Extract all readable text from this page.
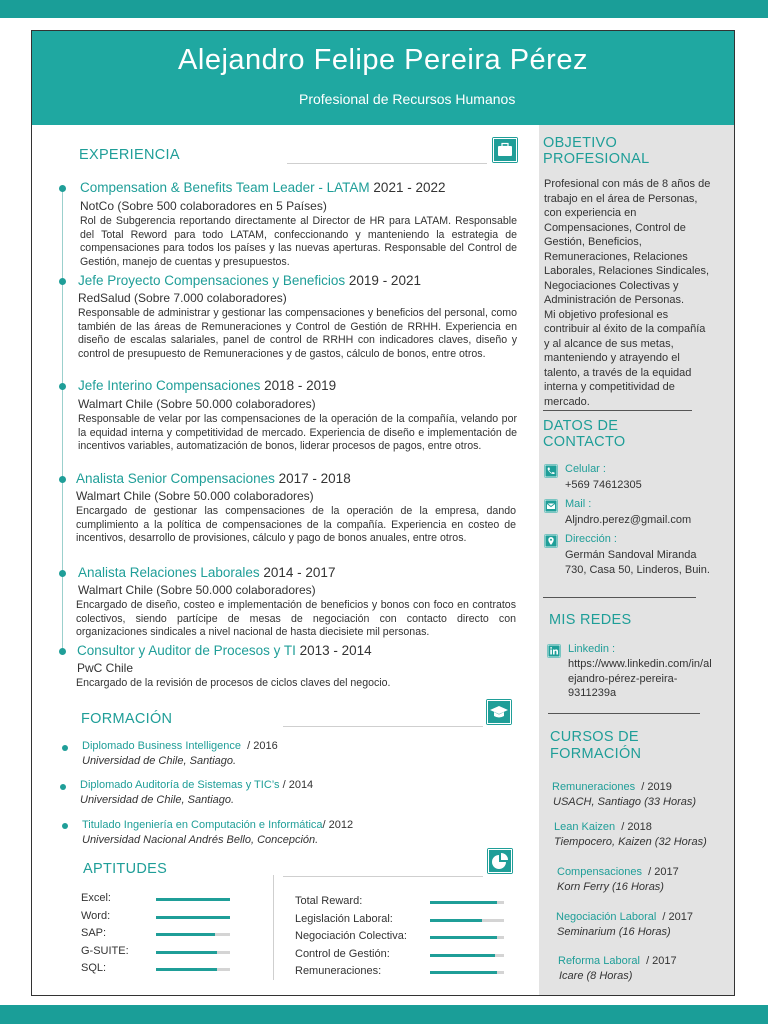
Alejandro Felipe Pereira Pérez
Profesional de Recursos Humanos
EXPERIENCIA
Compensation & Benefits Team Leader - LATAM 2021 - 2022
NotCo (Sobre 500 colaboradores en 5 Países)
Rol de Subgerencia reportando directamente al Director de HR para LATAM. Responsable del Total Reword para todo LATAM, confeccionando y manteniendo la estrategia de compensaciones para todos los países y las nuevas aperturas. Responsable del Control de Gestión, manejo de cuentas y presupuestos.
Jefe Proyecto Compensaciones y Beneficios 2019 - 2021
RedSalud (Sobre 7.000 colaboradores)
Responsable de administrar y gestionar las compensaciones y beneficios del personal, como también de las áreas de Remuneraciones y Control de Gestión de RRHH. Experiencia en diseño de escalas salariales, panel de control de RRHH con indicadores claves, diseño y control de presupuesto de Remuneraciones y de gastos, cálculo de bonos, entre otros.
Jefe Interino Compensaciones 2018 - 2019
Walmart Chile (Sobre 50.000 colaboradores)
Responsable de velar por las compensaciones de la operación de la compañía, velando por la equidad interna y competitividad de mercado. Experiencia de diseño e implementación de incentivos variables, automatización de bonos, liderar procesos de pagos, entre otros.
Analista Senior Compensaciones 2017 - 2018
Walmart Chile (Sobre 50.000 colaboradores)
Encargado de gestionar las compensaciones de la operación de la empresa, dando cumplimiento a la política de compensaciones de la compañía. Experiencia en costeo de incentivos, desarrollo de provisiones, cálculo y pago de bonos anuales, entre otros.
Analista Relaciones Laborales 2014 - 2017
Walmart Chile (Sobre 50.000 colaboradores)
Encargado de diseño, costeo e implementación de beneficios y bonos con foco en contratos colectivos, siendo partícipe de mesas de negociación con contacto directo con organizaciones sindicales a nivel nacional de hasta diecisiete mil personas.
Consultor y Auditor de Procesos y TI 2013 - 2014
PwC Chile
Encargado de la revisión de procesos de ciclos claves del negocio.
FORMACIÓN
Diplomado Business Intelligence / 2016
Universidad de Chile, Santiago.
Diplomado Auditoría de Sistemas y TIC’s / 2014
Universidad de Chile, Santiago.
Titulado Ingeniería en Computación e Informática/ 2012
Universidad Nacional Andrés Bello, Concepción.
APTITUDES
Excel:
Word:
SAP:
G-SUITE:
SQL:
Total Reward:
Legislación Laboral:
Negociación Colectiva:
Control de Gestión:
Remuneraciones:
OBJETIVO
PROFESIONAL
Profesional con más de 8 años de
trabajo en el área de Personas,
con experiencia en
Compensaciones, Control de
Gestión, Beneficios,
Remuneraciones, Relaciones
Laborales, Relaciones Sindicales,
Negociaciones Colectivas y
Administración de Personas.
Mi objetivo profesional es
contribuir al éxito de la compañía
y al alcance de sus metas,
manteniendo y atrayendo el
talento, a través de la equidad
interna y competitividad de
mercado.
DATOS DE
CONTACTO
Celular :
+569 74612305
Mail :
Aljndro.perez@gmail.com
Dirección :
Germán Sandoval Miranda
730, Casa 50, Linderos, Buin.
MIS REDES
Linkedin :
https://www.linkedin.com/in/al
ejandro-pérez-pereira-
9311239a
CURSOS DE
FORMACIÓN
Remuneraciones / 2019
USACH, Santiago (33 Horas)
Lean Kaizen / 2018
Tiempocero, Kaizen (32 Horas)
Compensaciones / 2017
Korn Ferry (16 Horas)
Negociación Laboral / 2017
Seminarium (16 Horas)
Reforma Laboral / 2017
Icare (8 Horas)
